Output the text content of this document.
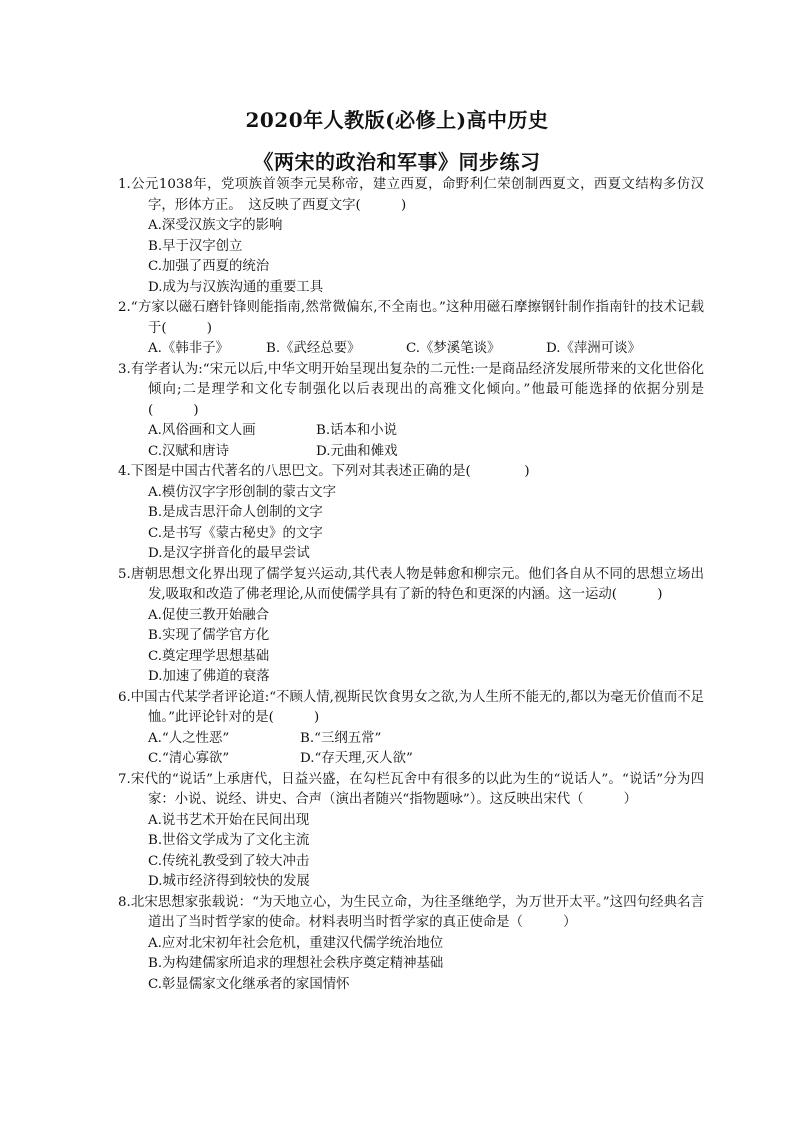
2020年人教版(必修上)高中历史
《两宋的政治和军事》同步练习
1.公元1038年，党项族首领李元昊称帝，建立西夏，命野利仁荣创制西夏文，西夏文结构多仿汉字，形体方正。　这反映了西夏文字(　　　)
A.深受汉族文字的影响
B.早于汉字创立
C.加强了西夏的统治
D.成为与汉族沟通的重要工具
2.“方家以磁石磨针锋则能指南,然常微偏东,不全南也。”这种用磁石摩擦钢针制作指南针的技术记载于(　　　)
A.《韩非子》	B.《武经总要》	C.《梦溪笔谈》	D.《萍洲可谈》
3.有学者认为:“宋元以后,中华文明开始呈现出复杂的二元性:一是商品经济发展所带来的文化世俗化倾向;二是理学和文化专制强化以后表现出的高雅文化倾向。”他最可能选择的依据分别是(　　　)
A.风俗画和文人画	B.话本和小说
C.汉赋和唐诗	D.元曲和傩戏
4.下图是中国古代著名的八思巴文。下列对其表述正确的是(　　　　)
A.模仿汉字字形创制的蒙古文字
B.是成吉思汗命人创制的文字
C.是书写《蒙古秘史》的文字
D.是汉字拼音化的最早尝试
5.唐朝思想文化界出现了儒学复兴运动,其代表人物是韩愈和柳宗元。他们各自从不同的思想立场出发,吸取和改造了佛老理论,从而使儒学具有了新的特色和更深的内涵。这一运动(　　　)
A.促使三教开始融合
B.实现了儒学官方化
C.奠定理学思想基础
D.加速了佛道的衰落
6.中国古代某学者评论道:“不顾人情,视斯民饮食男女之欲,为人生所不能无的,都以为毫无价值而不足恤。”此评论针对的是(　　　)
A.“人之性恶”	B.“三纲五常”
C.“清心寡欲”	D.“存天理,灭人欲”
7.宋代的“说话”上承唐代，日益兴盛，在勾栏瓦舍中有很多的以此为生的“说话人”。“说话”分为四家：小说、说经、讲史、合声（演出者随兴“指物题咏”）。这反映出宋代（　　　）
A.说书艺术开始在民间出现
B.世俗文学成为了文化主流
C.传统礼教受到了较大冲击
D.城市经济得到较快的发展
8.北宋思想家张载说：“为天地立心，为生民立命，为往圣继绝学，为万世开太平。”这四句经典名言道出了当时哲学家的使命。材料表明当时哲学家的真正使命是（　　　）
A.应对北宋初年社会危机，重建汉代儒学统治地位
B.为构建儒家所追求的理想社会秩序奠定精神基础
C.彰显儒家文化继承者的家国情怀
